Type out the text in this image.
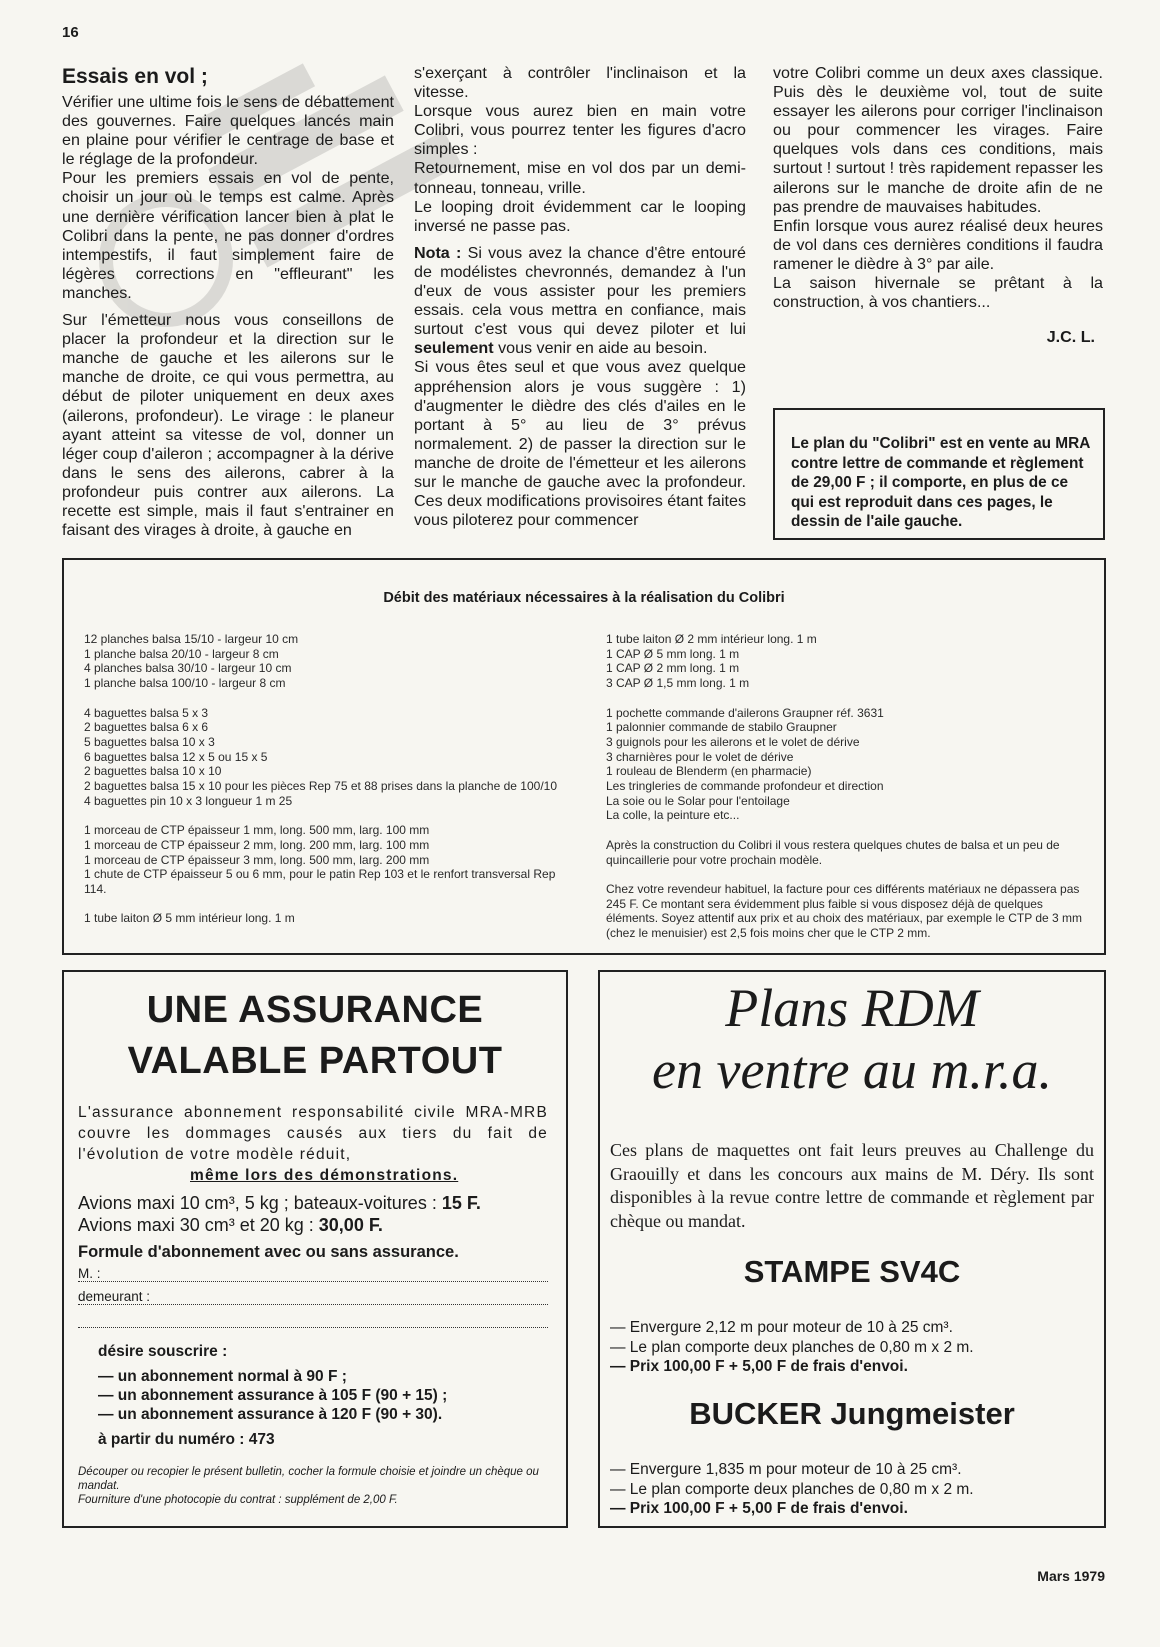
16
Essais en vol ;

Vérifier une ultime fois le sens de débattement des gouvernes. Faire quelques lancés main en plaine pour vérifier le centrage de base et le réglage de la profondeur.

Pour les premiers essais en vol de pente, choisir un jour où le temps est calme. Après une dernière vérification lancer bien à plat le Colibri dans la pente, ne pas donner d'ordres intempestifs, il faut simplement faire de légères corrections en "effleurant" les manches.

Sur l'émetteur nous vous conseillons de placer la profondeur et la direction sur le manche de gauche et les ailerons sur le manche de droite, ce qui vous permettra, au début de piloter uniquement en deux axes (ailerons, profondeur). Le virage : le planeur ayant atteint sa vitesse de vol, donner un léger coup d'aileron ; accompagner à la dérive dans le sens des ailerons, cabrer à la profondeur puis contrer aux ailerons. La recette est simple, mais il faut s'entrainer en faisant des virages à droite, à gauche en

s'exerçant à contrôler l'inclinaison et la vitesse.

Lorsque vous aurez bien en main votre Colibri, vous pourrez tenter les figures d'acro simples :

Retournement, mise en vol dos par un demi-tonneau, tonneau, vrille.

Le looping droit évidemment car le looping inversé ne passe pas.

Nota : Si vous avez la chance d'être entouré de modélistes chevronnés, demandez à l'un d'eux de vous assister pour les premiers essais. cela vous mettra en confiance, mais surtout c'est vous qui devez piloter et lui seulement vous venir en aide au besoin.

Si vous êtes seul et que vous avez quelque appréhension alors je vous suggère : 1) d'augmenter le dièdre des clés d'ailes en le portant à 5° au lieu de 3° prévus normalement. 2) de passer la direction sur le manche de droite de l'émetteur et les ailerons sur le manche de gauche avec la profondeur. Ces deux modifications provisoires étant faites vous piloterez pour commencer

votre Colibri comme un deux axes classique. Puis dès le deuxième vol, tout de suite essayer les ailerons pour corriger l'inclinaison ou pour commencer les virages. Faire quelques vols dans ces conditions, mais surtout ! surtout ! très rapidement repasser les ailerons sur le manche de droite afin de ne pas prendre de mauvaises habitudes.

Enfin lorsque vous aurez réalisé deux heures de vol dans ces dernières conditions il faudra ramener le dièdre à 3° par aile.

La saison hivernale se prêtant à la construction, à vos chantiers...

J.C. L.
Le plan du "Colibri" est en vente au MRA contre lettre de commande et règlement de 29,00 F ; il comporte, en plus de ce qui est reproduit dans ces pages, le dessin de l'aile gauche.
Débit des matériaux nécessaires à la réalisation du Colibri
12 planches balsa 15/10 - largeur 10 cm
1 planche balsa 20/10 - largeur 8 cm
4 planches balsa 30/10 - largeur 10 cm
1 planche balsa 100/10 - largeur 8 cm
4 baguettes balsa 5 x 3
2 baguettes balsa 6 x 6
5 baguettes balsa 10 x 3
6 baguettes balsa 12 x 5 ou 15 x 5
2 baguettes balsa 10 x 10
2 baguettes balsa 15 x 10 pour les pièces Rep 75 et 88 prises dans la planche de 100/10
4 baguettes pin 10 x 3 longueur 1 m 25
1 morceau de CTP épaisseur 1 mm, long. 500 mm, larg. 100 mm
1 morceau de CTP épaisseur 2 mm, long. 200 mm, larg. 100 mm
1 morceau de CTP épaisseur 3 mm, long. 500 mm, larg. 200 mm
1 chute de CTP épaisseur 5 ou 6 mm, pour le patin Rep 103 et le renfort transversal Rep 114.
1 tube laiton Ø 5 mm intérieur long. 1 m
1 tube laiton Ø 2 mm intérieur long. 1 m
1 CAP Ø 5 mm long. 1 m
1 CAP Ø 2 mm long. 1 m
3 CAP Ø 1,5 mm long. 1 m
1 pochette commande d'ailerons Graupner réf. 3631
1 palonnier commande de stabilo Graupner
3 guignols pour les ailerons et le volet de dérive
3 charnières pour le volet de dérive
1 rouleau de Blenderm (en pharmacie)
Les tringleries de commande profondeur et direction
La soie ou le Solar pour l'entoilage
La colle, la peinture etc...
Après la construction du Colibri il vous restera quelques chutes de balsa et un peu de quincaillerie pour votre prochain modèle.
Chez votre revendeur habituel, la facture pour ces différents matériaux ne dépassera pas 245 F. Ce montant sera évidemment plus faible si vous disposez déjà de quelques éléments. Soyez attentif aux prix et au choix des matériaux, par exemple le CTP de 3 mm (chez le menuisier) est 2,5 fois moins cher que le CTP 2 mm.
UNE ASSURANCE
VALABLE PARTOUT
L'assurance abonnement responsabilité civile MRA-MRB couvre les dommages causés aux tiers du fait de l'évolution de votre modèle réduit,
même lors des démonstrations.
Avions maxi 10 cm³, 5 kg ; bateaux-voitures : 15 F.
Avions maxi 30 cm³ et 20 kg : 30,00 F.
Formule d'abonnement avec ou sans assurance.
M. :
demeurant :
désire souscrire :
— un abonnement normal à 90 F ;
— un abonnement assurance à 105 F (90 + 15) ;
— un abonnement assurance à 120 F (90 + 30).
à partir du numéro : 473
Découper ou recopier le présent bulletin, cocher la formule choisie et joindre un chèque ou mandat.
Fourniture d'une photocopie du contrat : supplément de 2,00 F.
Plans RDM
en ventre au m.r.a.
Ces plans de maquettes ont fait leurs preuves au Challenge du Graouilly et dans les concours aux mains de M. Déry. Ils sont disponibles à la revue contre lettre de commande et règlement par chèque ou mandat.
STAMPE SV4C
— Envergure 2,12 m pour moteur de 10 à 25 cm³.
— Le plan comporte deux planches de 0,80 m x 2 m.
— Prix 100,00 F + 5,00 F de frais d'envoi.
BUCKER Jungmeister
— Envergure 1,835 m pour moteur de 10 à 25 cm³.
— Le plan comporte deux planches de 0,80 m x 2 m.
— Prix 100,00 F + 5,00 F de frais d'envoi.
Mars 1979
